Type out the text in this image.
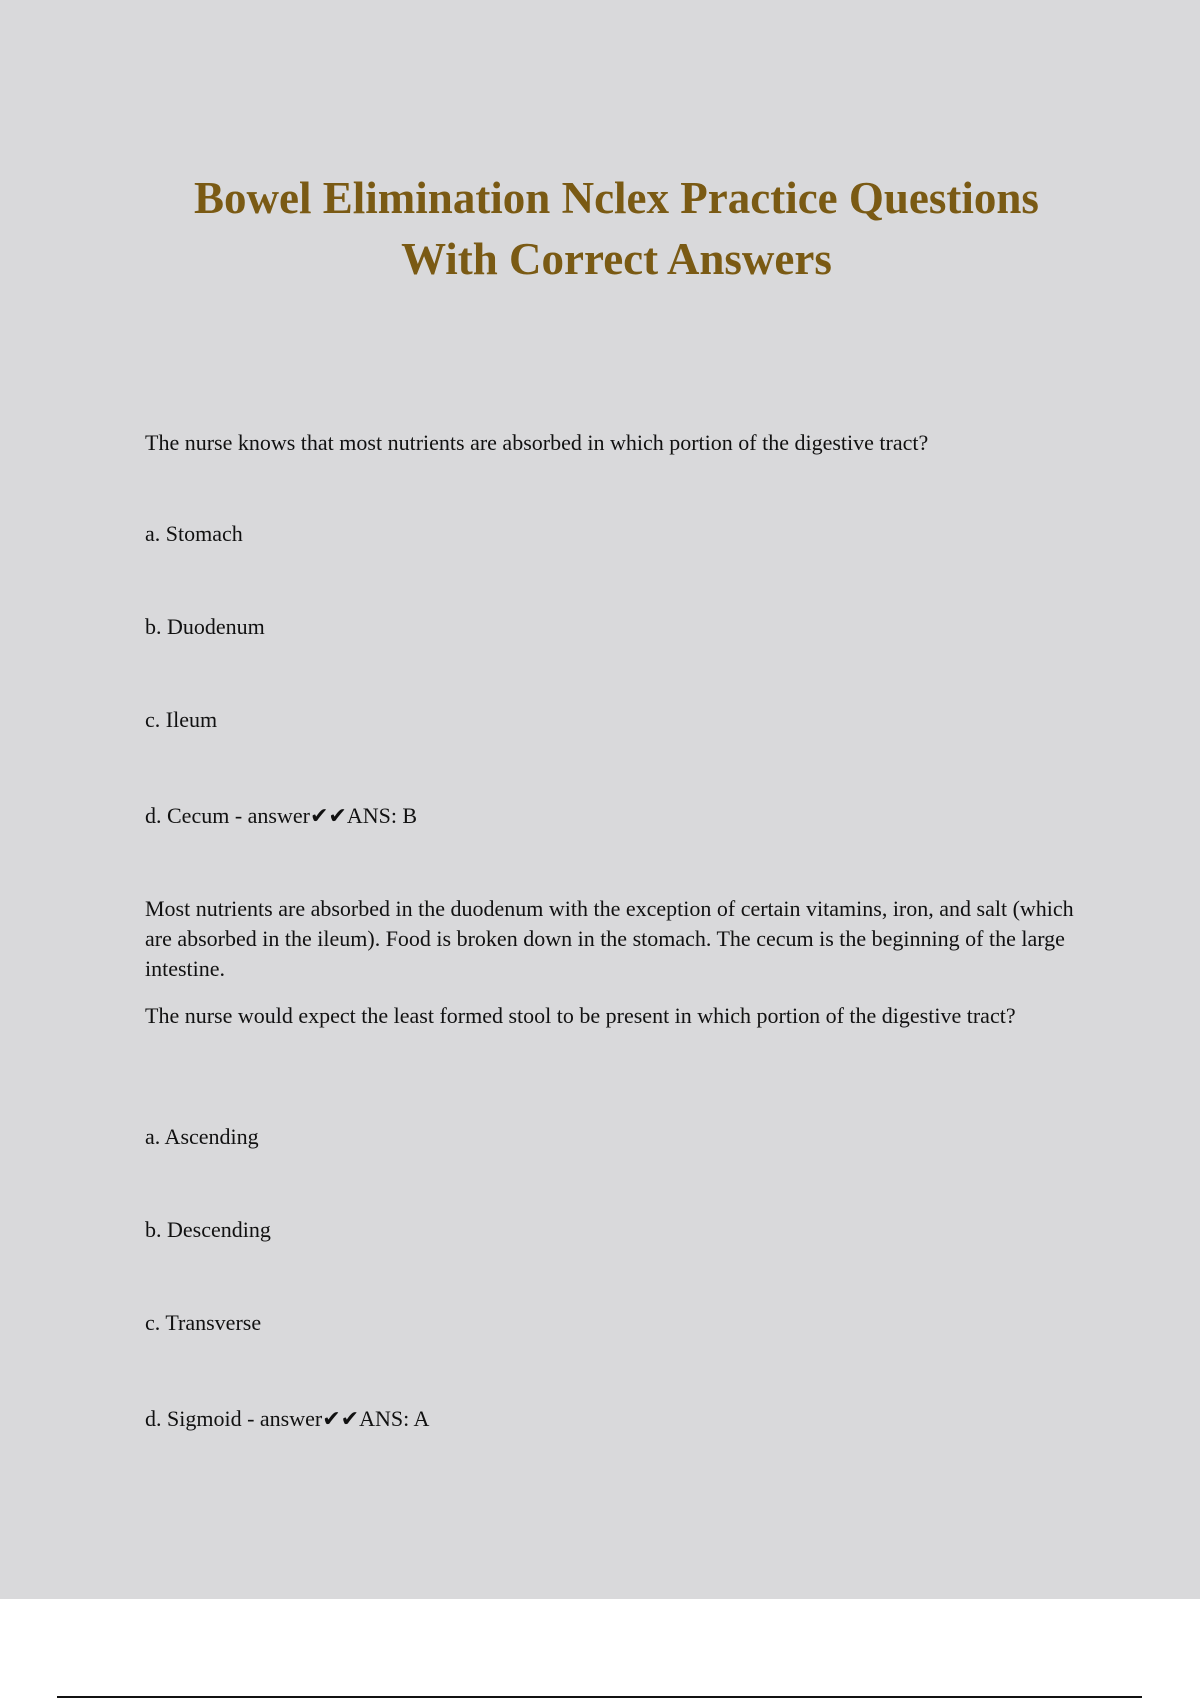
Bowel Elimination Nclex Practice Questions
With Correct Answers

The nurse knows that most nutrients are absorbed in which portion of the digestive tract?

a. Stomach

b. Duodenum

c. Ileum

d. Cecum - answer✔✔ANS: B

Most nutrients are absorbed in the duodenum with the exception of certain vitamins, iron, and salt (which are absorbed in the ileum). Food is broken down in the stomach. The cecum is the beginning of the large intestine.

The nurse would expect the least formed stool to be present in which portion of the digestive tract?

a. Ascending

b. Descending

c. Transverse

d. Sigmoid - answer✔✔ANS: A
